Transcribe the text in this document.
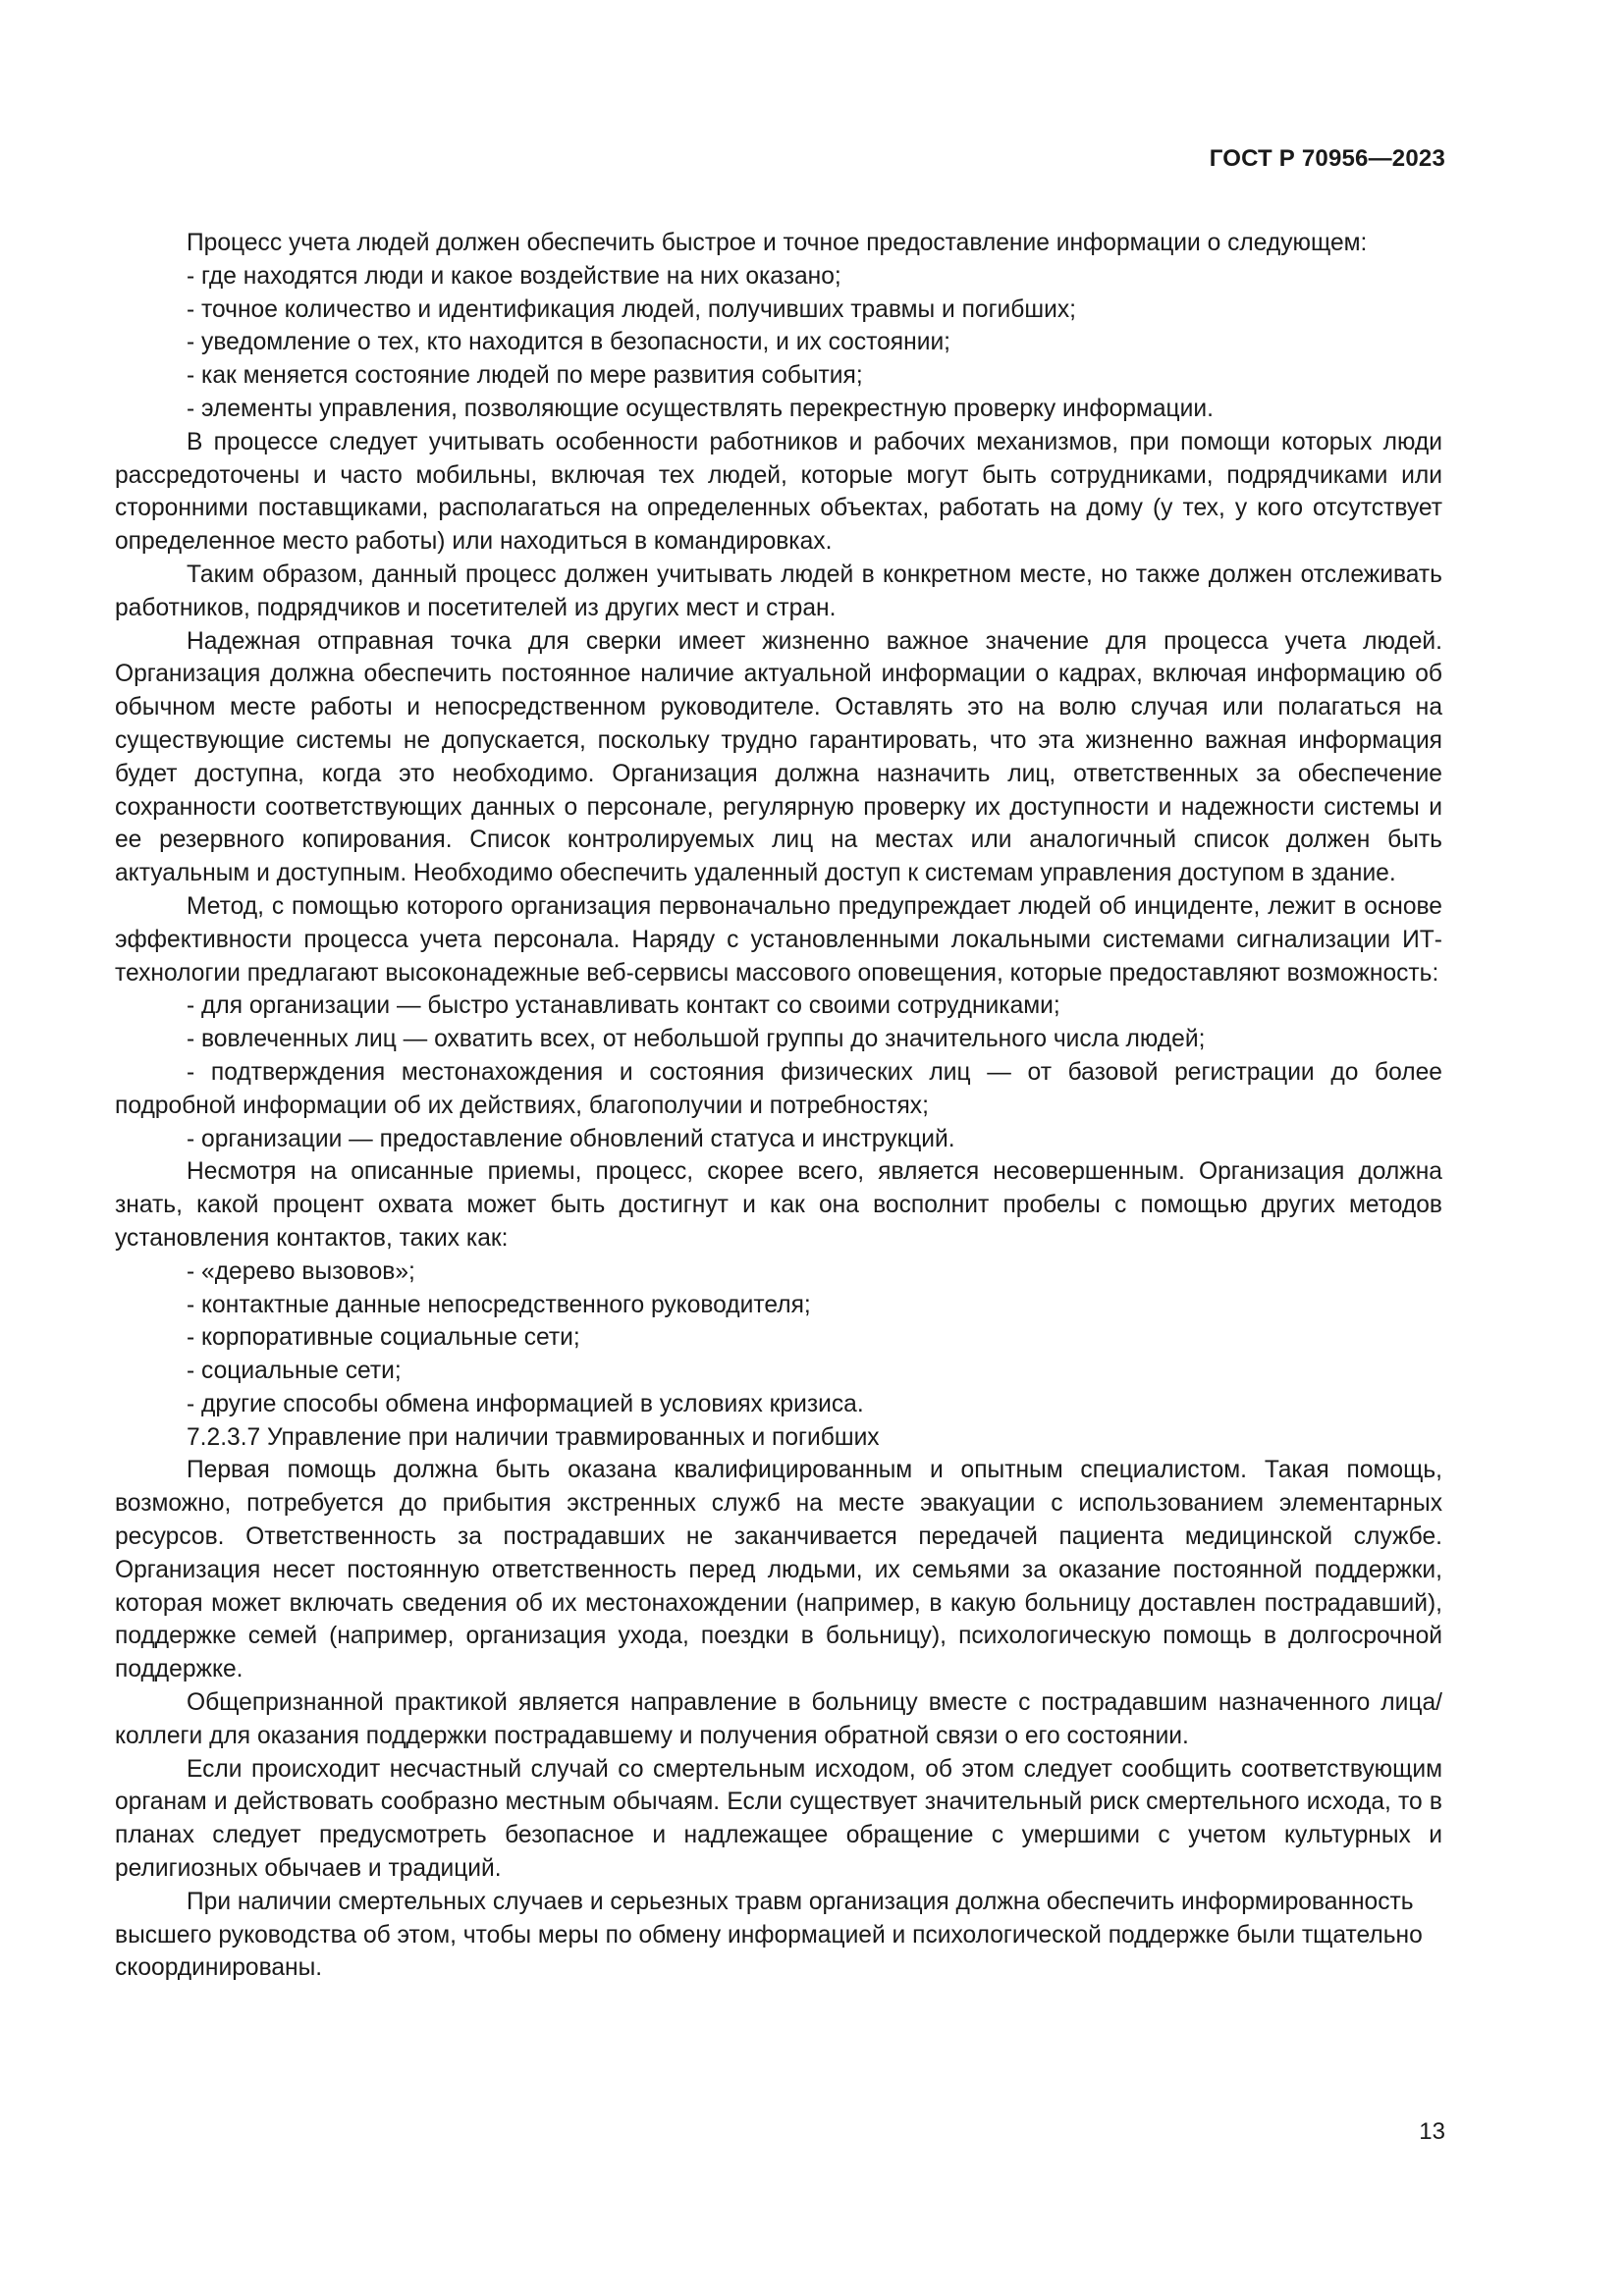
ГОСТ Р 70956—2023

Процесс учета людей должен обеспечить быстрое и точное предоставление информации о следующем:

- где находятся люди и какое воздействие на них оказано;

- точное количество и идентификация людей, получивших травмы и погибших;

- уведомление о тех, кто находится в безопасности, и их состоянии;

- как меняется состояние людей по мере развития события;

- элементы управления, позволяющие осуществлять перекрестную проверку информации.

В процессе следует учитывать особенности работников и рабочих механизмов, при помощи которых люди рассредоточены и часто мобильны, включая тех людей, которые могут быть сотрудниками, подрядчиками или сторонними поставщиками, располагаться на определенных объектах, работать на дому (у тех, у кого отсутствует определенное место работы) или находиться в командировках.

Таким образом, данный процесс должен учитывать людей в конкретном месте, но также должен отслеживать работников, подрядчиков и посетителей из других мест и стран.

Надежная отправная точка для сверки имеет жизненно важное значение для процесса учета людей. Организация должна обеспечить постоянное наличие актуальной информации о кадрах, включая информацию об обычном месте работы и непосредственном руководителе. Оставлять это на волю случая или полагаться на существующие системы не допускается, поскольку трудно гарантировать, что эта жизненно важная информация будет доступна, когда это необходимо. Организация должна назначить лиц, ответственных за обеспечение сохранности соответствующих данных о персонале, регулярную проверку их доступности и надежности системы и ее резервного копирования. Список контролируемых лиц на местах или аналогичный список должен быть актуальным и доступным. Необходимо обеспечить удаленный доступ к системам управления доступом в здание.

Метод, с помощью которого организация первоначально предупреждает людей об инциденте, лежит в основе эффективности процесса учета персонала. Наряду с установленными локальными системами сигнализации ИТ-технологии предлагают высоконадежные веб-сервисы массового оповещения, которые предоставляют возможность:

- для организации — быстро устанавливать контакт со своими сотрудниками;

- вовлеченных лиц — охватить всех, от небольшой группы до значительного числа людей;

- подтверждения местонахождения и состояния физических лиц — от базовой регистрации до более подробной информации об их действиях, благополучии и потребностях;

- организации — предоставление обновлений статуса и инструкций.

Несмотря на описанные приемы, процесс, скорее всего, является несовершенным. Организация должна знать, какой процент охвата может быть достигнут и как она восполнит пробелы с помощью других методов установления контактов, таких как:

- «дерево вызовов»;

- контактные данные непосредственного руководителя;

- корпоративные социальные сети;

- социальные сети;

- другие способы обмена информацией в условиях кризиса.

7.2.3.7 Управление при наличии травмированных и погибших

Первая помощь должна быть оказана квалифицированным и опытным специалистом. Такая помощь, возможно, потребуется до прибытия экстренных служб на месте эвакуации с использованием элементарных ресурсов. Ответственность за пострадавших не заканчивается передачей пациента медицинской службе. Организация несет постоянную ответственность перед людьми, их семьями за оказание постоянной поддержки, которая может включать сведения об их местонахождении (например, в какую больницу доставлен пострадавший), поддержке семей (например, организация ухода, поездки в больницу), психологическую помощь в долгосрочной поддержке.

Общепризнанной практикой является направление в больницу вместе с пострадавшим назначенного лица/коллеги для оказания поддержки пострадавшему и получения обратной связи о его состоянии.

Если происходит несчастный случай со смертельным исходом, об этом следует сообщить соответствующим органам и действовать сообразно местным обычаям. Если существует значительный риск смертельного исхода, то в планах следует предусмотреть безопасное и надлежащее обращение с умершими с учетом культурных и религиозных обычаев и традиций.

При наличии смертельных случаев и серьезных травм организация должна обеспечить информированность высшего руководства об этом, чтобы меры по обмену информацией и психологической поддержке были тщательно скоординированы.

13
